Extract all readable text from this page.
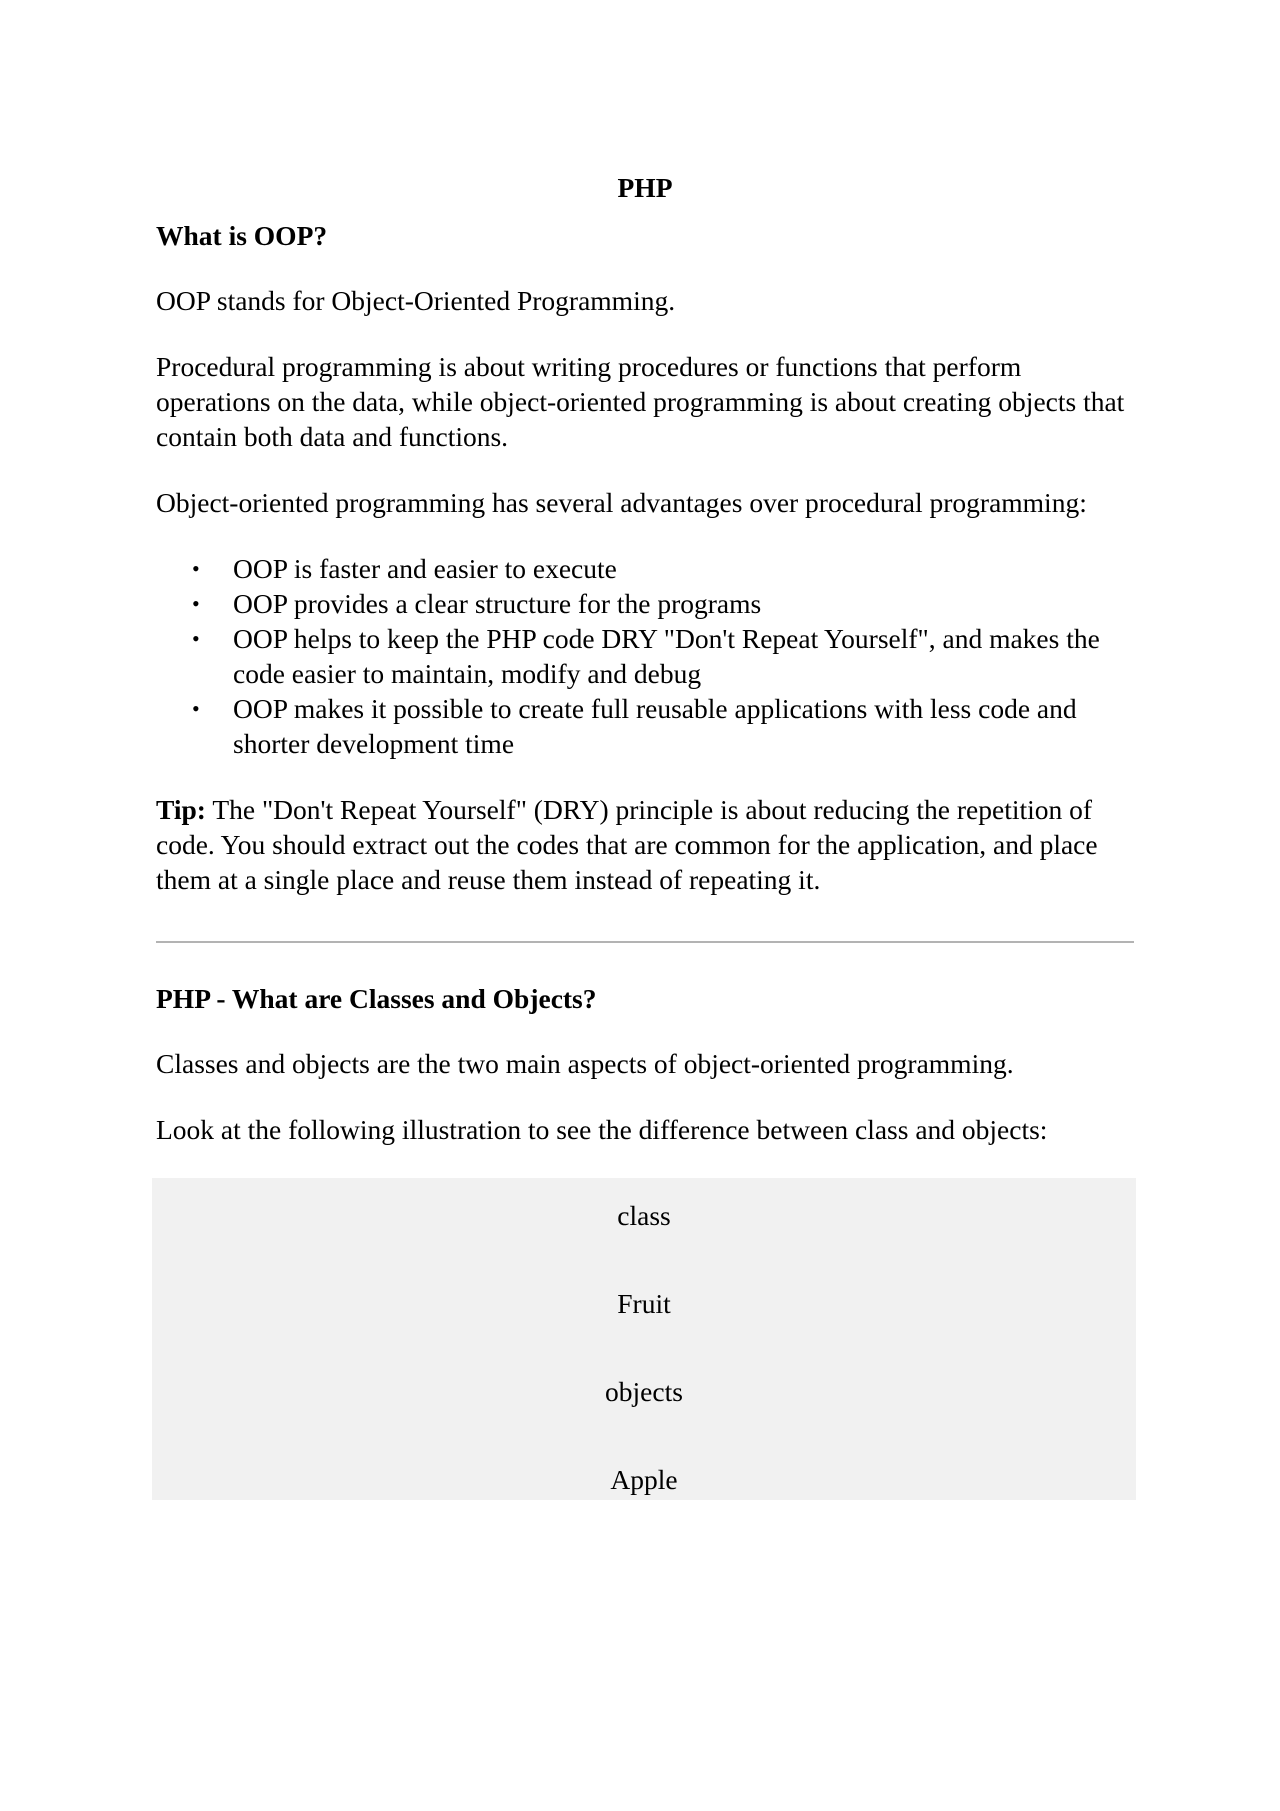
PHP
What is OOP?

OOP stands for Object-Oriented Programming.

Procedural programming is about writing procedures or functions that perform operations on the data, while object-oriented programming is about creating objects that contain both data and functions.

Object-oriented programming has several advantages over procedural programming:

• OOP is faster and easier to execute
• OOP provides a clear structure for the programs
• OOP helps to keep the PHP code DRY "Don't Repeat Yourself", and makes the code easier to maintain, modify and debug
• OOP makes it possible to create full reusable applications with less code and shorter development time

Tip: The "Don't Repeat Yourself" (DRY) principle is about reducing the repetition of code. You should extract out the codes that are common for the application, and place them at a single place and reuse them instead of repeating it.

PHP - What are Classes and Objects?

Classes and objects are the two main aspects of object-oriented programming.

Look at the following illustration to see the difference between class and objects:

class
Fruit
objects
Apple
